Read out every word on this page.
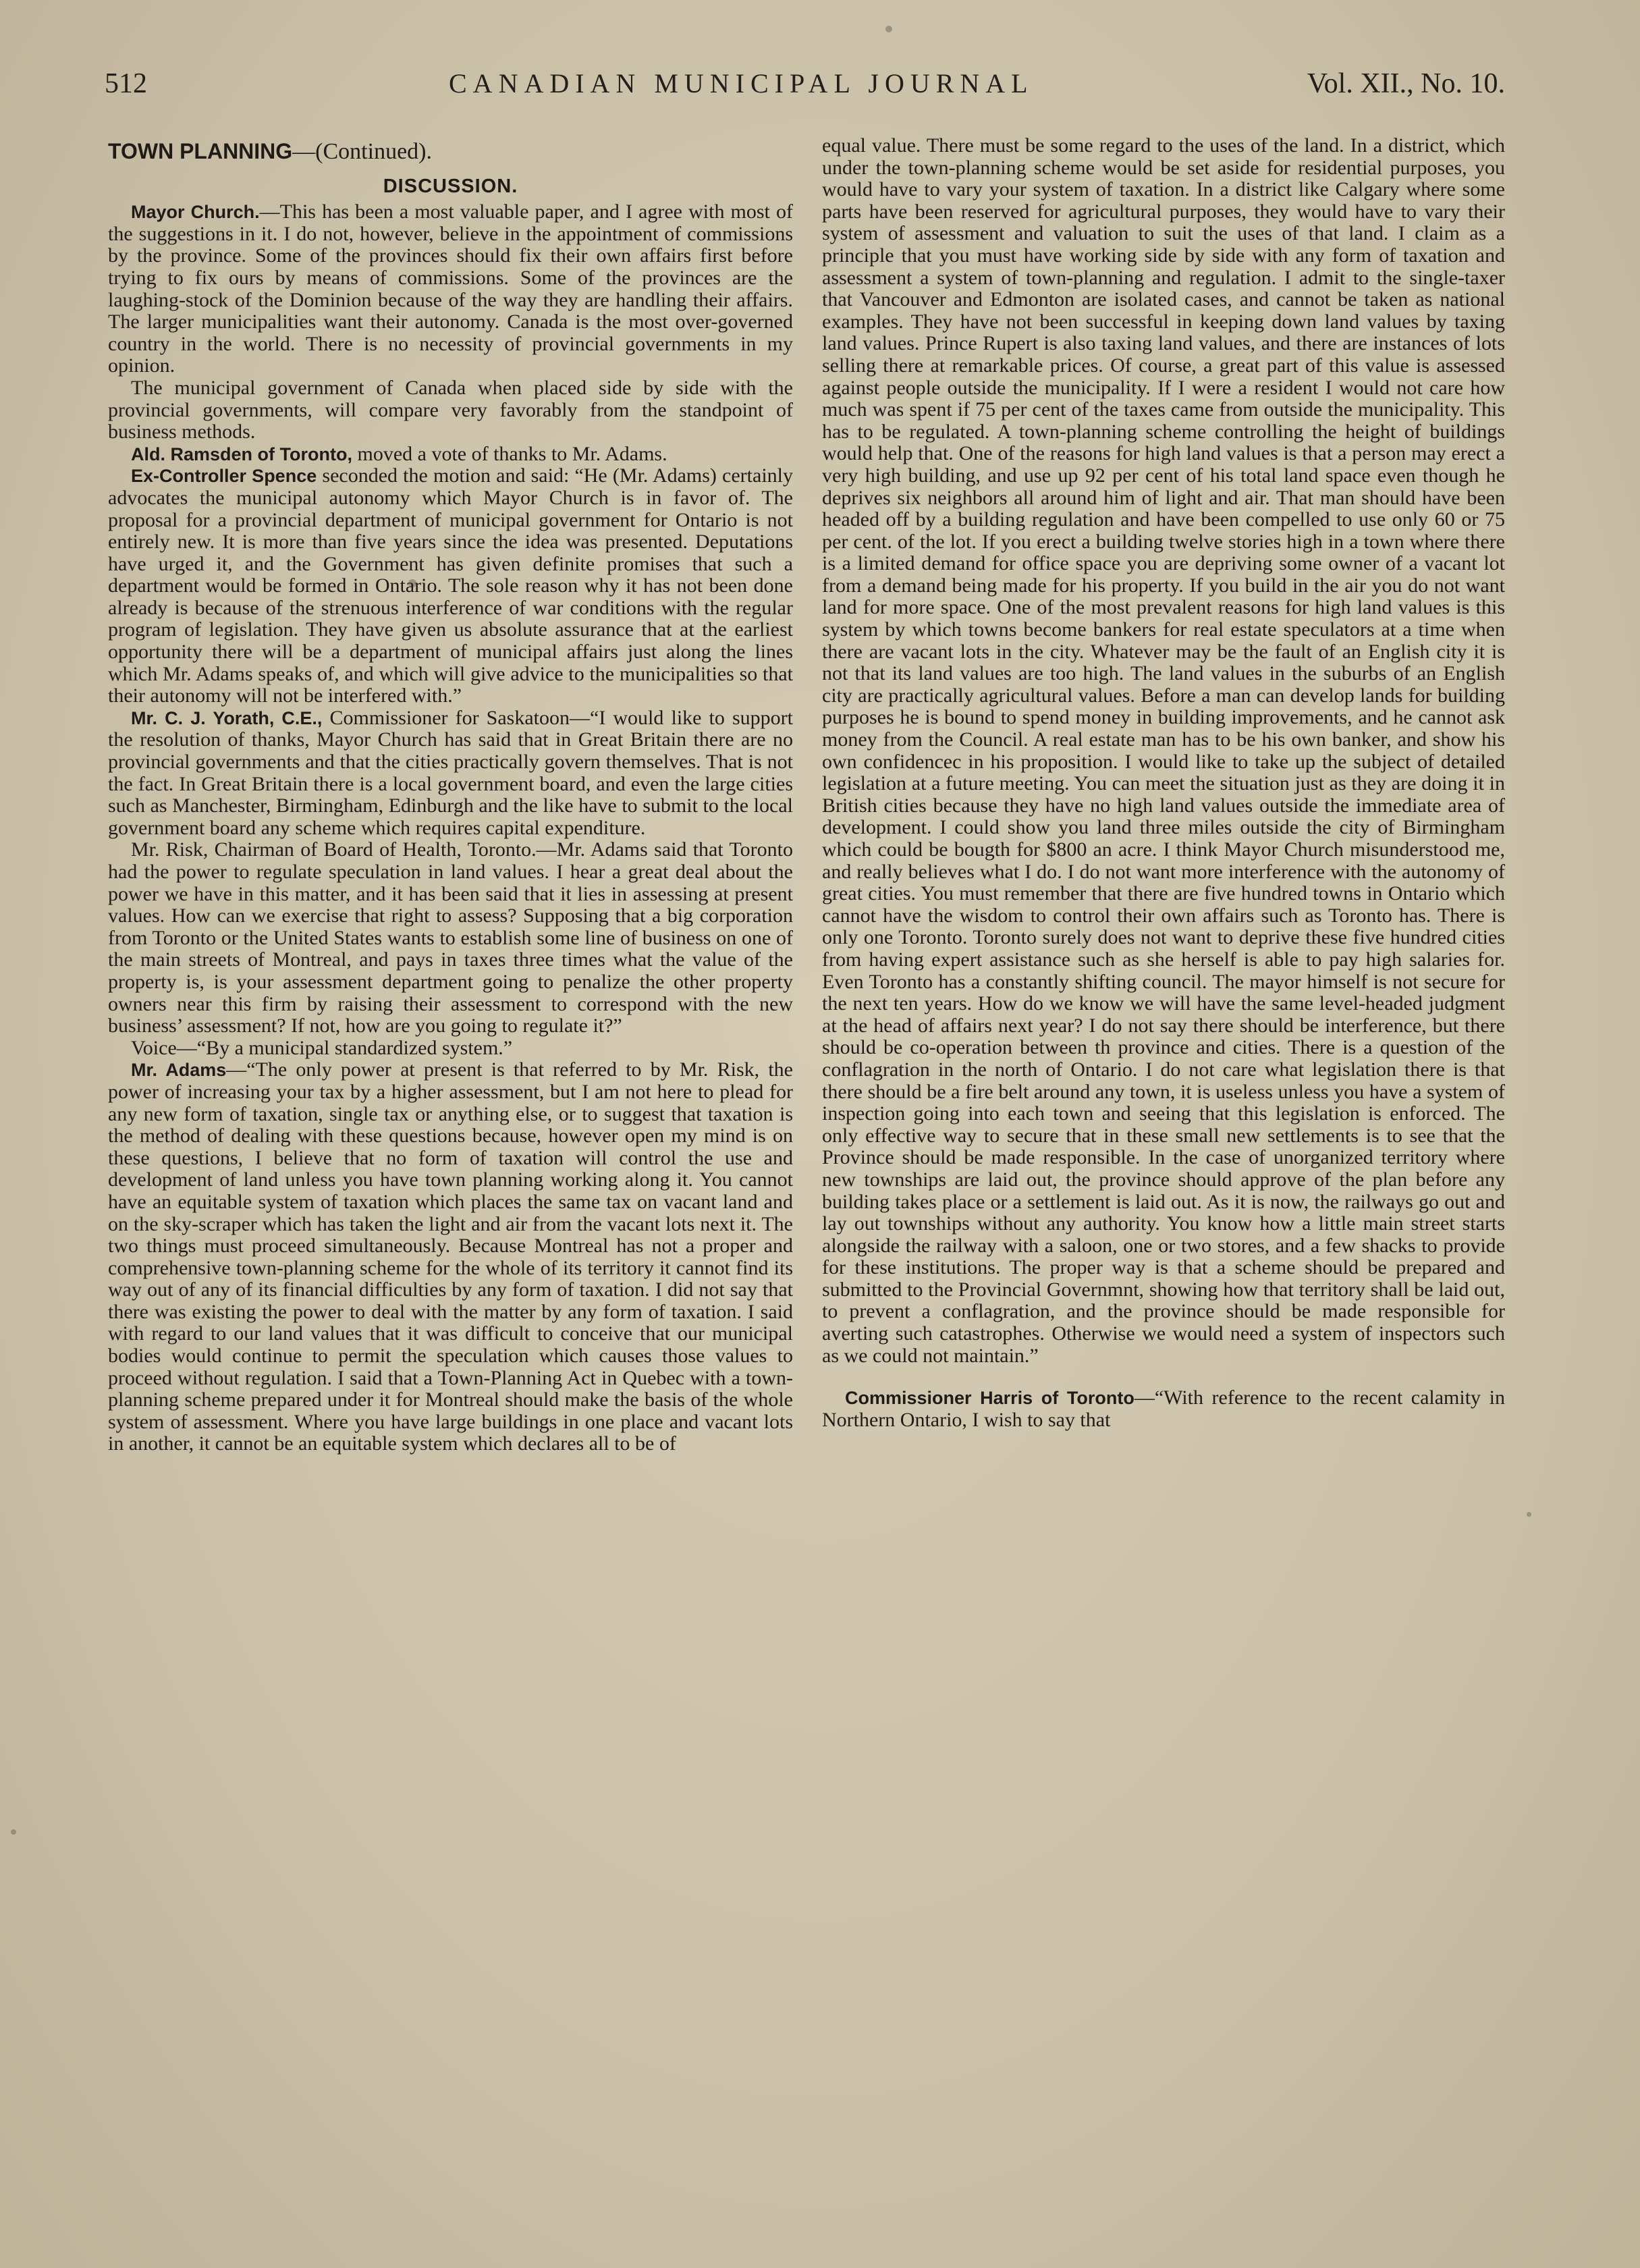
512	CANADIAN MUNICIPAL JOURNAL	Vol. XII., No. 10.

TOWN PLANNING—(Continued).

DISCUSSION.

Mayor Church.—This has been a most valuable paper, and I agree with most of the suggestions in it. I do not, however, believe in the appointment of commissions by the province. Some of the provinces should fix their own affairs first before trying to fix ours by means of commissions. Some of the provinces are the laughing-stock of the Dominion because of the way they are handling their affairs. The larger municipalities want their autonomy. Canada is the most over-governed country in the world. There is no necessity of provincial governments in my opinion.

The municipal government of Canada when placed side by side with the provincial governments, will compare very favorably from the standpoint of business methods.

Ald. Ramsden of Toronto, moved a vote of thanks to Mr. Adams.

Ex-Controller Spence seconded the motion and said: “He (Mr. Adams) certainly advocates the municipal autonomy which Mayor Church is in favor of. The proposal for a provincial department of municipal government for Ontario is not entirely new. It is more than five years since the idea was presented. Deputations have urged it, and the Government has given definite promises that such a department would be formed in Ontario. The sole reason why it has not been done already is because of the strenuous interference of war conditions with the regular program of legislation. They have given us absolute assurance that at the earliest opportunity there will be a department of municipal affairs just along the lines which Mr. Adams speaks of, and which will give advice to the municipalities so that their autonomy will not be interfered with.”

Mr. C. J. Yorath, C.E., Commissioner for Saskatoon—“I would like to support the resolution of thanks, Mayor Church has said that in Great Britain there are no provincial governments and that the cities practically govern themselves. That is not the fact. In Great Britain there is a local government board, and even the large cities such as Manchester, Birmingham, Edinburgh and the like have to submit to the local government board any scheme which requires capital expenditure.

Mr. Risk, Chairman of Board of Health, Toronto.—Mr. Adams said that Toronto had the power to regulate speculation in land values. I hear a great deal about the power we have in this matter, and it has been said that it lies in assessing at present values. How can we exercise that right to assess? Supposing that a big corporation from Toronto or the United States wants to establish some line of business on one of the main streets of Montreal, and pays in taxes three times what the value of the property is, is your assessment department going to penalize the other property owners near this firm by raising their assessment to correspond with the new business’ assessment? If not, how are you going to regulate it?”

Voice—“By a municipal standardized system.”

Mr. Adams—“The only power at present is that referred to by Mr. Risk, the power of increasing your tax by a higher assessment, but I am not here to plead for any new form of taxation, single tax or anything else, or to suggest that taxation is the method of dealing with these questions because, however open my mind is on these questions, I believe that no form of taxation will control the use and development of land unless you have town planning working along it. You cannot have an equitable system of taxation which places the same tax on vacant land and on the sky-scraper which has taken the light and air from the vacant lots next it. The two things must proceed simultaneously. Because Montreal has not a proper and comprehensive town-planning scheme for the whole of its territory it cannot find its way out of any of its financial difficulties by any form of taxation. I did not say that there was existing the power to deal with the matter by any form of taxation. I said with regard to our land values that it was difficult to conceive that our municipal bodies would continue to permit the speculation which causes those values to proceed without regulation. I said that a Town-Planning Act in Quebec with a town-planning scheme prepared under it for Montreal should make the basis of the whole system of assessment. Where you have large buildings in one place and vacant lots in another, it cannot be an equitable system which declares all to be of

equal value. There must be some regard to the uses of the land. In a district, which under the town-planning scheme would be set aside for residential purposes, you would have to vary your system of taxation. In a district like Calgary where some parts have been reserved for agricultural purposes, they would have to vary their system of assessment and valuation to suit the uses of that land. I claim as a principle that you must have working side by side with any form of taxation and assessment a system of town-planning and regulation. I admit to the single-taxer that Vancouver and Edmonton are isolated cases, and cannot be taken as national examples. They have not been successful in keeping down land values by taxing land values. Prince Rupert is also taxing land values, and there are instances of lots selling there at remarkable prices. Of course, a great part of this value is assessed against people outside the municipality. If I were a resident I would not care how much was spent if 75 per cent of the taxes came from outside the municipality. This has to be regulated. A town-planning scheme controlling the height of buildings would help that. One of the reasons for high land values is that a person may erect a very high building, and use up 92 per cent of his total land space even though he deprives six neighbors all around him of light and air. That man should have been headed off by a building regulation and have been compelled to use only 60 or 75 per cent. of the lot. If you erect a building twelve stories high in a town where there is a limited demand for office space you are depriving some owner of a vacant lot from a demand being made for his property. If you build in the air you do not want land for more space. One of the most prevalent reasons for high land values is this system by which towns become bankers for real estate speculators at a time when there are vacant lots in the city. Whatever may be the fault of an English city it is not that its land values are too high. The land values in the suburbs of an English city are practically agricultural values. Before a man can develop lands for building purposes he is bound to spend money in building improvements, and he cannot ask money from the Council. A real estate man has to be his own banker, and show his own confidencec in his proposition. I would like to take up the subject of detailed legislation at a future meeting. You can meet the situation just as they are doing it in British cities because they have no high land values outside the immediate area of development. I could show you land three miles outside the city of Birmingham which could be bougth for $800 an acre. I think Mayor Church misunderstood me, and really believes what I do. I do not want more interference with the autonomy of great cities. You must remember that there are five hundred towns in Ontario which cannot have the wisdom to control their own affairs such as Toronto has. There is only one Toronto. Toronto surely does not want to deprive these five hundred cities from having expert assistance such as she herself is able to pay high salaries for. Even Toronto has a constantly shifting council. The mayor himself is not secure for the next ten years. How do we know we will have the same level-headed judgment at the head of affairs next year? I do not say there should be interference, but there should be co-operation between th province and cities. There is a question of the conflagration in the north of Ontario. I do not care what legislation there is that there should be a fire belt around any town, it is useless unless you have a system of inspection going into each town and seeing that this legislation is enforced. The only effective way to secure that in these small new settlements is to see that the Province should be made responsible. In the case of unorganized territory where new townships are laid out, the province should approve of the plan before any building takes place or a settlement is laid out. As it is now, the railways go out and lay out townships without any authority. You know how a little main street starts alongside the railway with a saloon, one or two stores, and a few shacks to provide for these institutions. The proper way is that a scheme should be prepared and submitted to the Provincial Governmnt, showing how that territory shall be laid out, to prevent a conflagration, and the province should be made responsible for averting such catastrophes. Otherwise we would need a system of inspectors such as we could not maintain.”

Commissioner Harris of Toronto—“With reference to the recent calamity in Northern Ontario, I wish to say that
